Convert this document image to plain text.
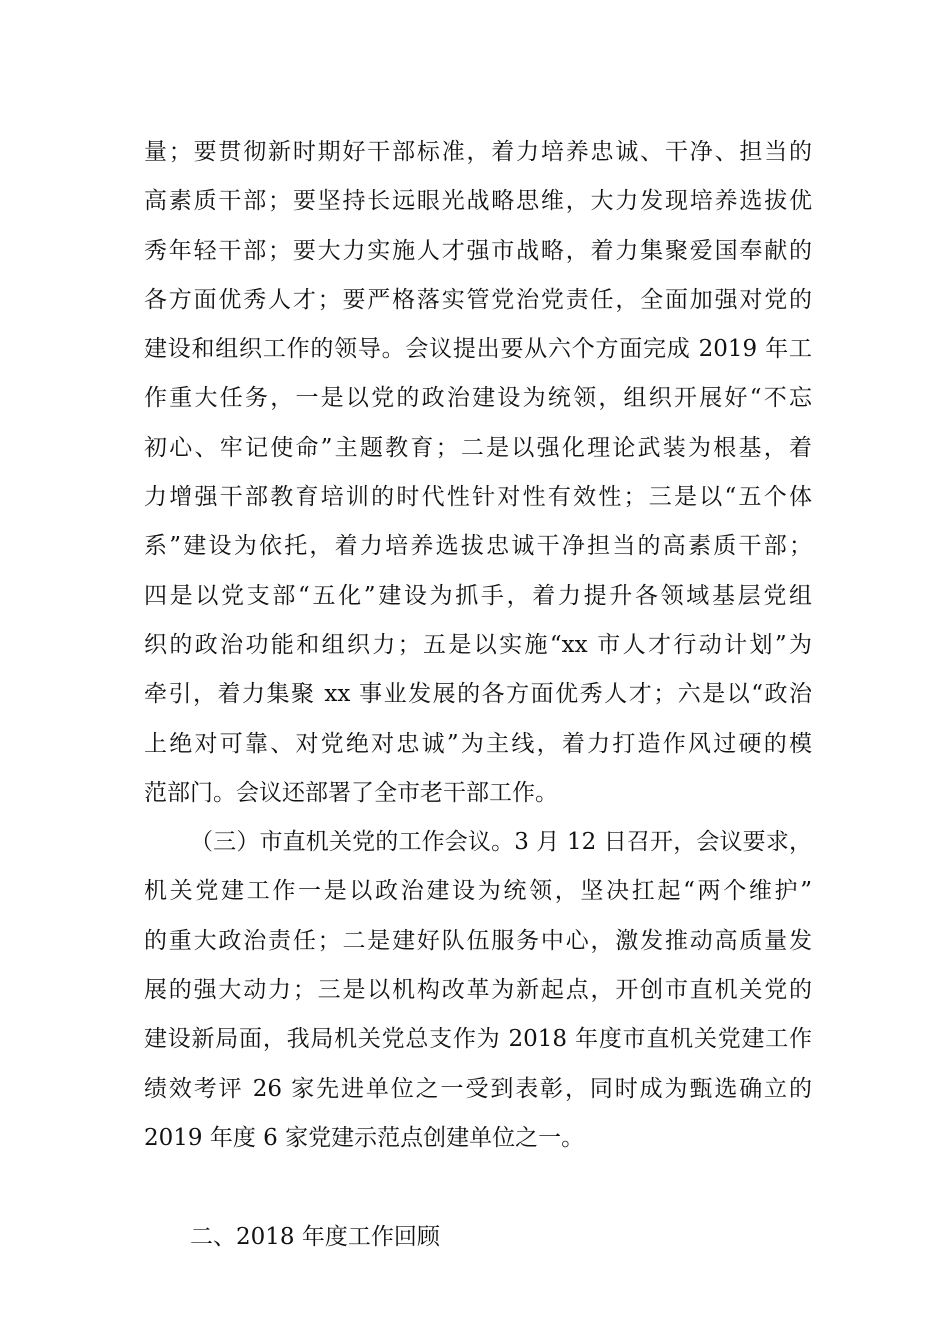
量；要贯彻新时期好干部标准，着力培养忠诚、干净、担当的
高素质干部；要坚持长远眼光战略思维，大力发现培养选拔优
秀年轻干部；要大力实施人才强市战略，着力集聚爱国奉献的
各方面优秀人才；要严格落实管党治党责任，全面加强对党的
建设和组织工作的领导。会议提出要从六个方面完成 2019 年工
作重大任务，一是以党的政治建设为统领，组织开展好“不忘
初心、牢记使命”主题教育；二是以强化理论武装为根基，着
力增强干部教育培训的时代性针对性有效性；三是以“五个体
系”建设为依托，着力培养选拔忠诚干净担当的高素质干部；
四是以党支部“五化”建设为抓手，着力提升各领域基层党组
织的政治功能和组织力；五是以实施“xx 市人才行动计划”为
牵引，着力集聚 xx 事业发展的各方面优秀人才；六是以“政治
上绝对可靠、对党绝对忠诚”为主线，着力打造作风过硬的模
范部门。会议还部署了全市老干部工作。
（三）市直机关党的工作会议。3 月 12 日召开，会议要求，
机关党建工作一是以政治建设为统领，坚决扛起“两个维护”
的重大政治责任；二是建好队伍服务中心，激发推动高质量发
展的强大动力；三是以机构改革为新起点，开创市直机关党的
建设新局面，我局机关党总支作为 2018 年度市直机关党建工作
绩效考评 26 家先进单位之一受到表彰，同时成为甄选确立的
2019 年度 6 家党建示范点创建单位之一。
二、2018 年度工作回顾
